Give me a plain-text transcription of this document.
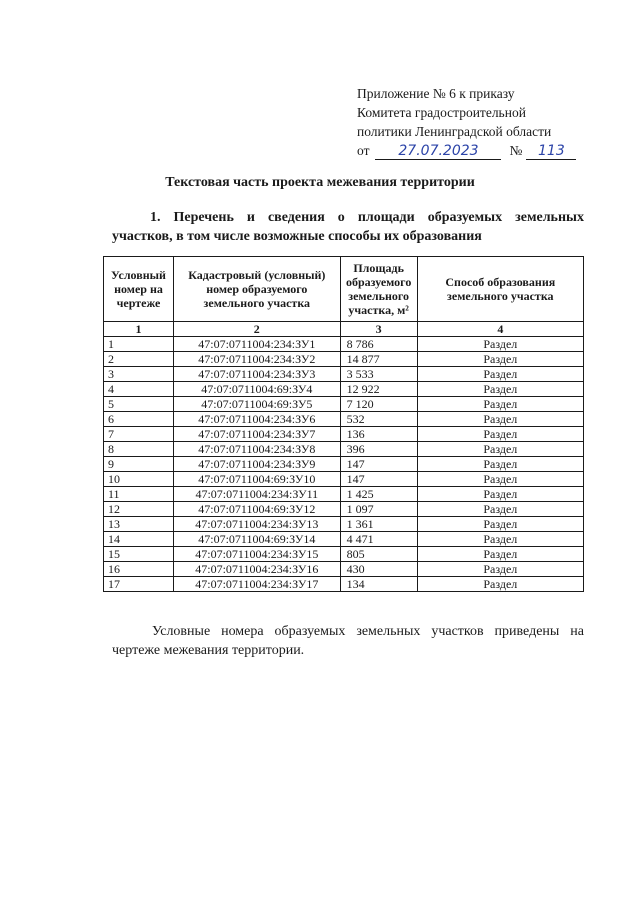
Приложение № 6 к приказу
Комитета градостроительной
политики Ленинградской области
от	27.07.2023	№	113
Текстовая часть проекта межевания территории
1. Перечень и сведения о площади образуемых земельных
участков, в том числе возможные способы их образования
Условный номер на чертеже	Кадастровый (условный) номер образуемого земельного участка	Площадь образуемого земельного участка, м²	Способ образования земельного участка
1	2	3	4
1	47:07:0711004:234:ЗУ1	8 786	Раздел
2	47:07:0711004:234:ЗУ2	14 877	Раздел
3	47:07:0711004:234:ЗУ3	3 533	Раздел
4	47:07:0711004:69:ЗУ4	12 922	Раздел
5	47:07:0711004:69:ЗУ5	7 120	Раздел
6	47:07:0711004:234:ЗУ6	532	Раздел
7	47:07:0711004:234:ЗУ7	136	Раздел
8	47:07:0711004:234:ЗУ8	396	Раздел
9	47:07:0711004:234:ЗУ9	147	Раздел
10	47:07:0711004:69:ЗУ10	147	Раздел
11	47:07:0711004:234:ЗУ11	1 425	Раздел
12	47:07:0711004:69:ЗУ12	1 097	Раздел
13	47:07:0711004:234:ЗУ13	1 361	Раздел
14	47:07:0711004:69:ЗУ14	4 471	Раздел
15	47:07:0711004:234:ЗУ15	805	Раздел
16	47:07:0711004:234:ЗУ16	430	Раздел
17	47:07:0711004:234:ЗУ17	134	Раздел
Условные номера образуемых земельных участков приведены на
чертеже межевания территории.
